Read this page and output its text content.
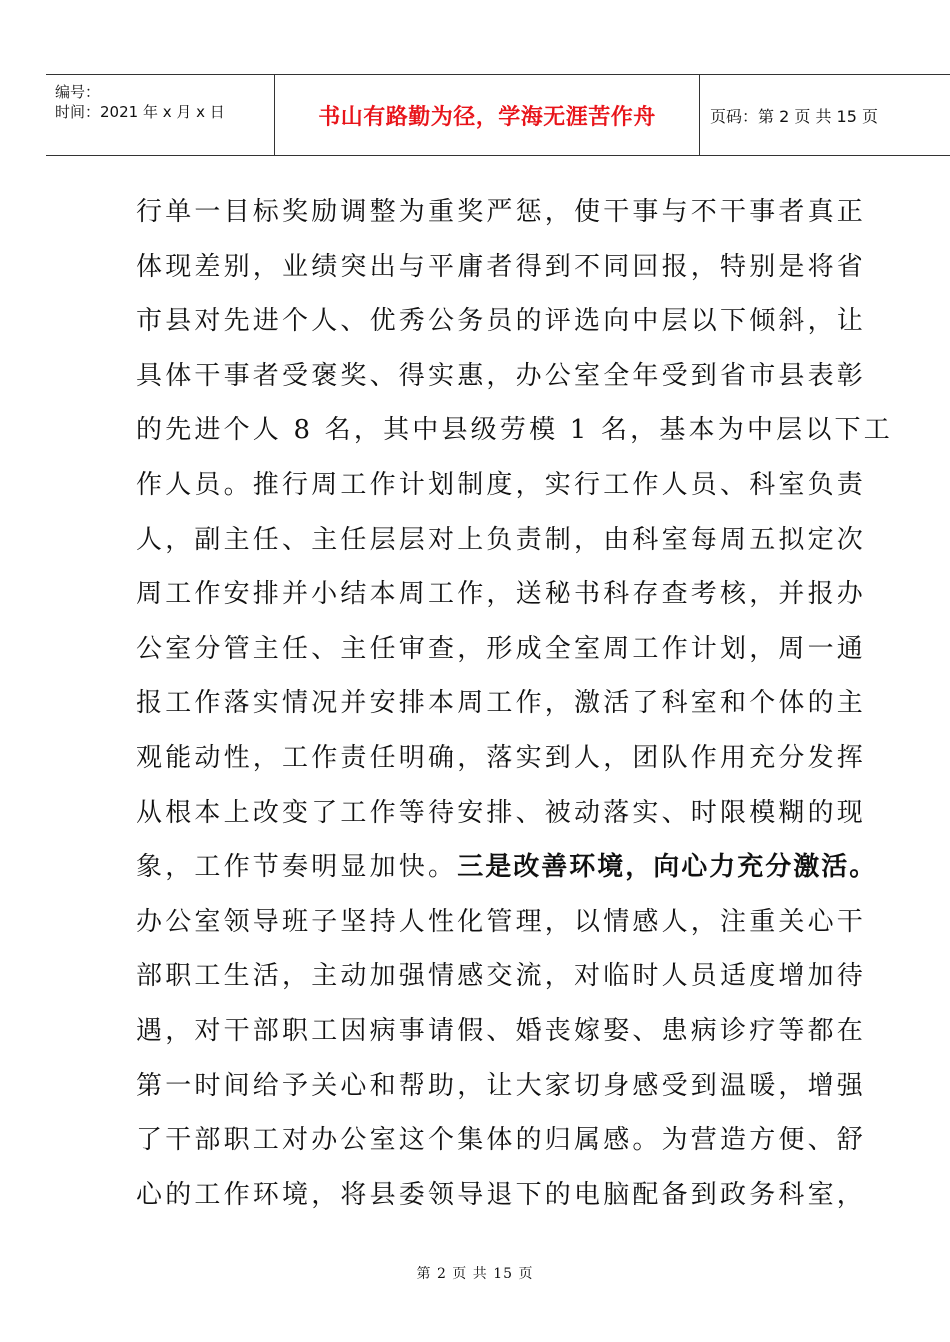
编号：
时间：2021 年 x 月 x 日	书山有路勤为径，学海无涯苦作舟	页码：第 2 页 共 15 页
行单一目标奖励调整为重奖严惩，使干事与不干事者真正
体现差别，业绩突出与平庸者得到不同回报，特别是将省
市县对先进个人、优秀公务员的评选向中层以下倾斜，让
具体干事者受褒奖、得实惠，办公室全年受到省市县表彰
的先进个人 8 名，其中县级劳模 1 名，基本为中层以下工
作人员。推行周工作计划制度，实行工作人员、科室负责
人，副主任、主任层层对上负责制，由科室每周五拟定次
周工作安排并小结本周工作，送秘书科存查考核，并报办
公室分管主任、主任审查，形成全室周工作计划，周一通
报工作落实情况并安排本周工作，激活了科室和个体的主
观能动性，工作责任明确，落实到人，团队作用充分发挥
从根本上改变了工作等待安排、被动落实、时限模糊的现
象，工作节奏明显加快。三是改善环境，向心力充分激活。
办公室领导班子坚持人性化管理，以情感人，注重关心干
部职工生活，主动加强情感交流，对临时人员适度增加待
遇，对干部职工因病事请假、婚丧嫁娶、患病诊疗等都在
第一时间给予关心和帮助，让大家切身感受到温暖，增强
了干部职工对办公室这个集体的归属感。为营造方便、舒
心的工作环境，将县委领导退下的电脑配备到政务科室，
第 2 页 共 15 页
